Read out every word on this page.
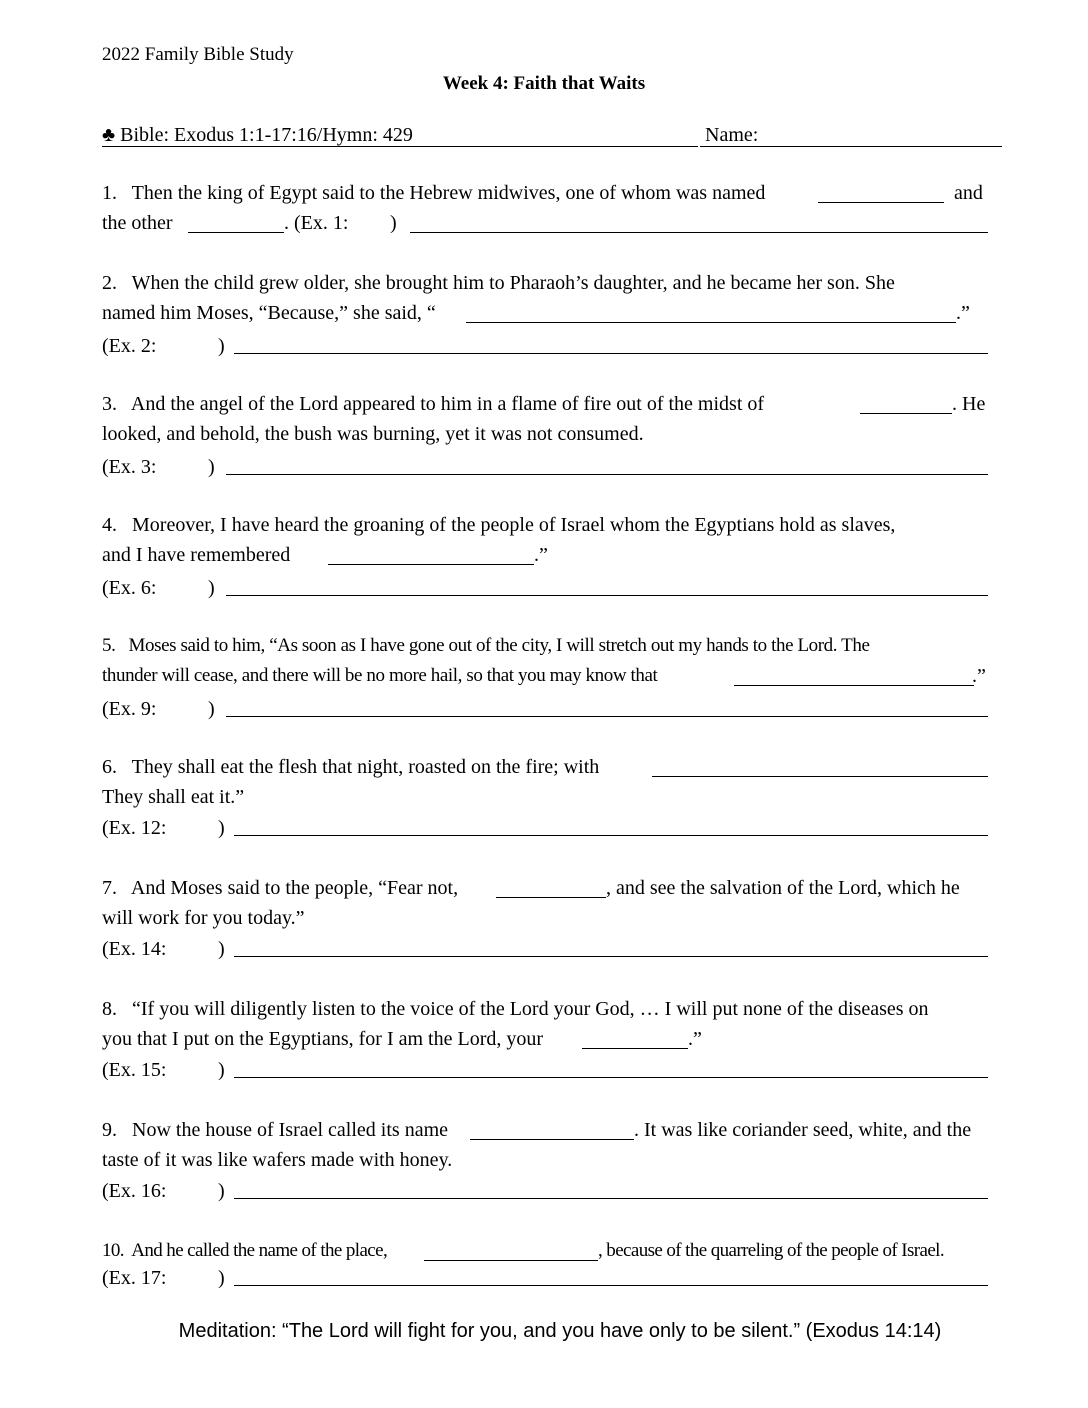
2022 Family Bible Study
Week 4: Faith that Waits
♣ Bible: Exodus 1:1-17:16/Hymn: 429	Name:
1. Then the king of Egypt said to the Hebrew midwives, one of whom was named	and
the other	. (Ex. 1: )
2. When the child grew older, she brought him to Pharaoh’s daughter, and he became her son. She
named him Moses, “Because,” she said, “	.”
(Ex. 2:	)
3. And the angel of the Lord appeared to him in a flame of fire out of the midst of	. He
looked, and behold, the bush was burning, yet it was not consumed.
(Ex. 3:	)
4. Moreover, I have heard the groaning of the people of Israel whom the Egyptians hold as slaves,
and I have remembered	.”
(Ex. 6:	)
5. Moses said to him, “As soon as I have gone out of the city, I will stretch out my hands to the Lord. The
thunder will cease, and there will be no more hail, so that you may know that	.”
(Ex. 9:	)
6. They shall eat the flesh that night, roasted on the fire; with
They shall eat it.”
(Ex. 12:	)
7. And Moses said to the people, “Fear not,	, and see the salvation of the Lord, which he
will work for you today.”
(Ex. 14:	)
8. “If you will diligently listen to the voice of the Lord your God, … I will put none of the diseases on
you that I put on the Egyptians, for I am the Lord, your	.”
(Ex. 15:	)
9. Now the house of Israel called its name	. It was like coriander seed, white, and the
taste of it was like wafers made with honey.
(Ex. 16:	)
10. And he called the name of the place,	, because of the quarreling of the people of Israel.
(Ex. 17:	)
Meditation: “The Lord will fight for you, and you have only to be silent.” (Exodus 14:14)
